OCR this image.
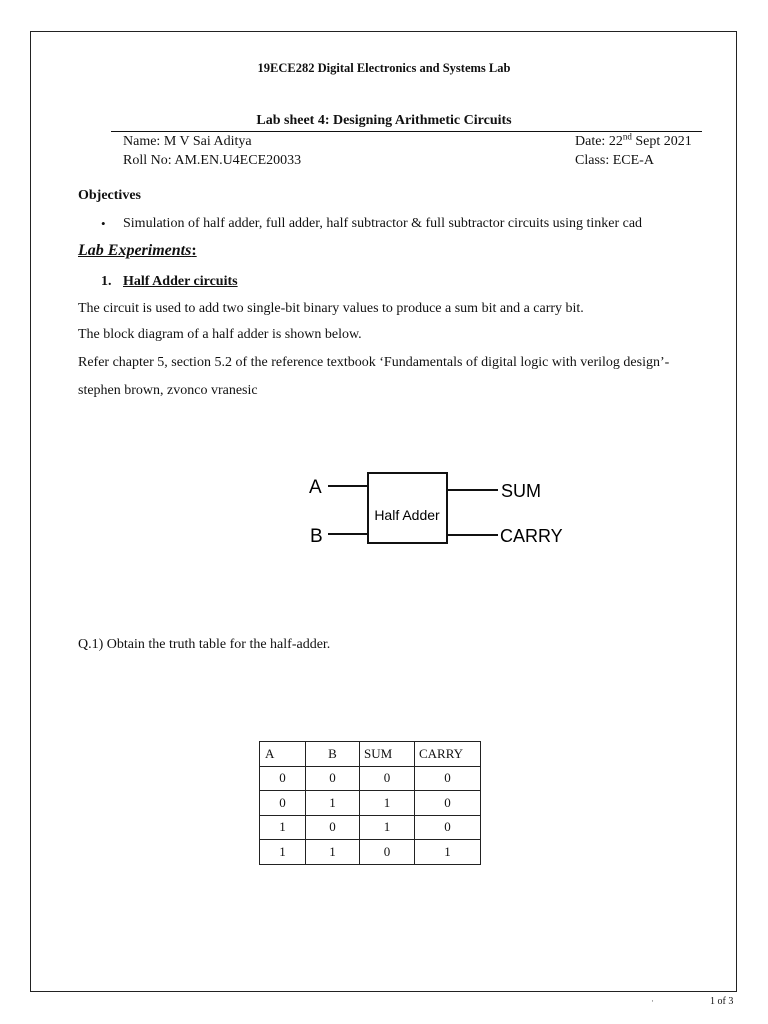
19ECE282 Digital Electronics and Systems Lab
Lab sheet 4: Designing Arithmetic Circuits
Name: M V Sai Aditya
Roll No: AM.EN.U4ECE20033
Date: 22nd Sept 2021
Class: ECE-A
Objectives
• Simulation of half adder, full adder, half subtractor & full subtractor circuits using tinker cad
Lab Experiments:
1. Half Adder circuits
The circuit is used to add two single-bit binary values to produce a sum bit and a carry bit.
The block diagram of a half adder is shown below.
Refer chapter 5, section 5.2 of the reference textbook ‘Fundamentals of digital logic with verilog design’-
stephen brown, zvonco vranesic
A
B
Half Adder
SUM
CARRY
Q.1) Obtain the truth table for the half-adder.
A	B	SUM	CARRY
0	0	0	0
0	1	1	0
1	0	1	0
1	1	0	1
·	1 of 3
